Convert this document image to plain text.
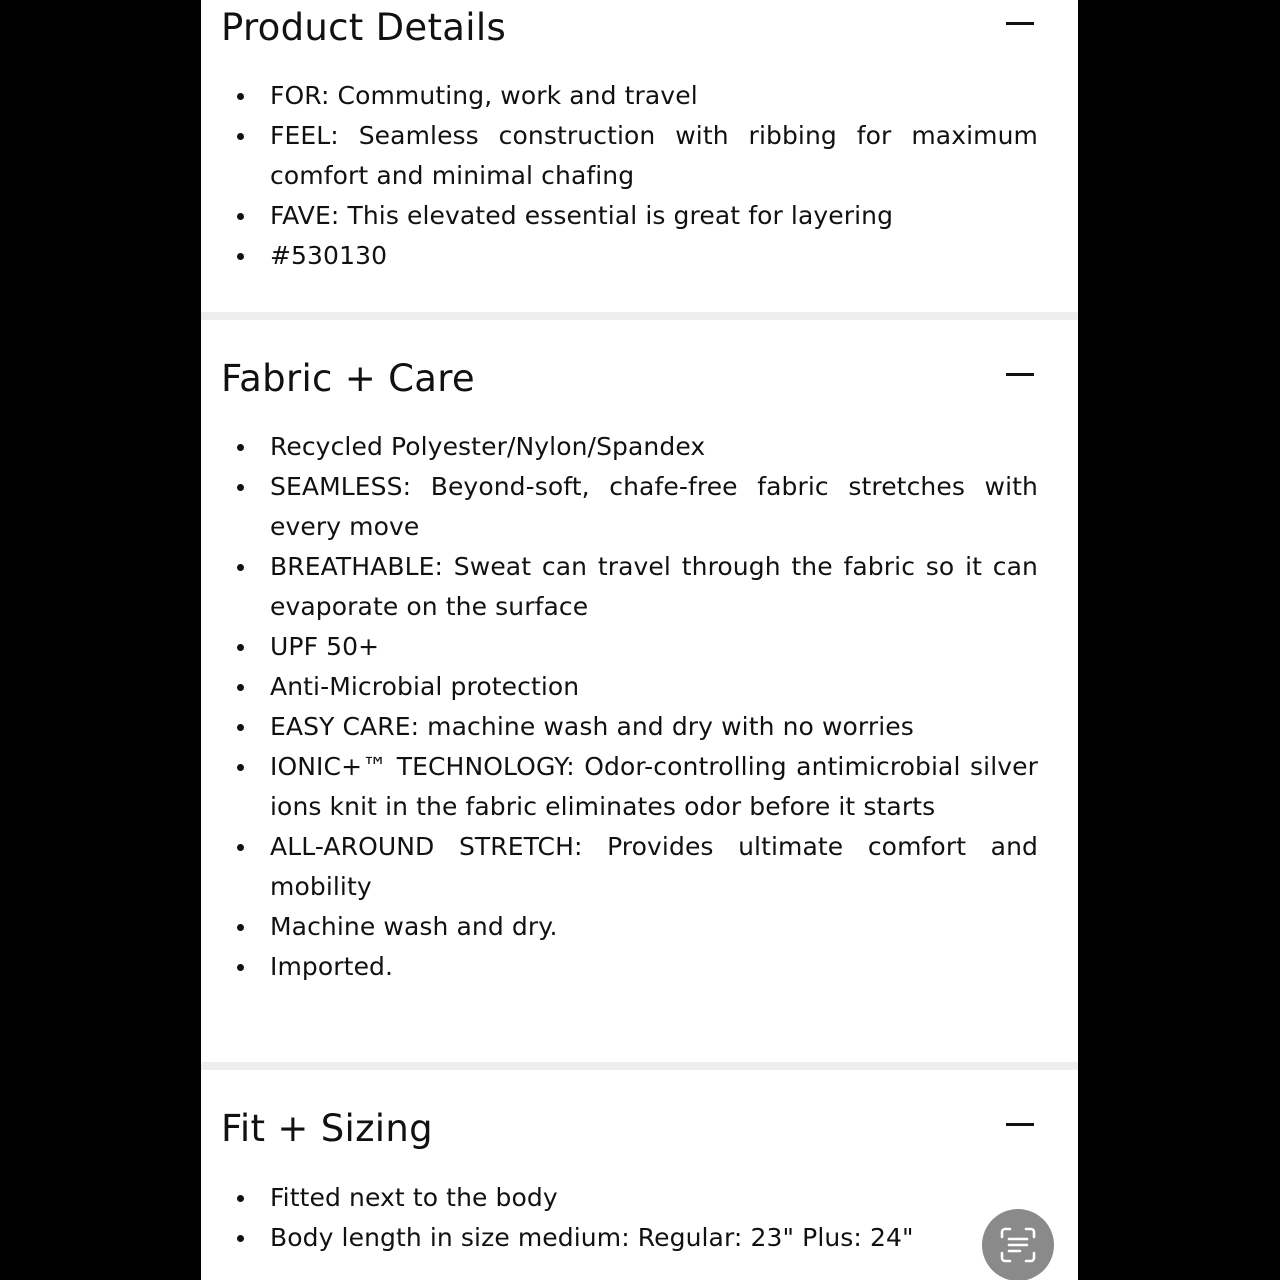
Product Details
FOR: Commuting, work and travel
FEEL: Seamless construction with ribbing for maximum comfort and minimal chafing
FAVE: This elevated essential is great for layering
#530130
Fabric + Care
Recycled Polyester/Nylon/Spandex
SEAMLESS: Beyond-soft, chafe-free fabric stretches with every move
BREATHABLE: Sweat can travel through the fabric so it can evaporate on the surface
UPF 50+
Anti-Microbial protection
EASY CARE: machine wash and dry with no worries
IONIC+™ TECHNOLOGY: Odor-controlling antimicrobial silver ions knit in the fabric eliminates odor before it starts
ALL-AROUND STRETCH: Provides ultimate comfort and mobility
Machine wash and dry.
Imported.
Fit + Sizing
Fitted next to the body
Body length in size medium: Regular: 23" Plus: 24"
